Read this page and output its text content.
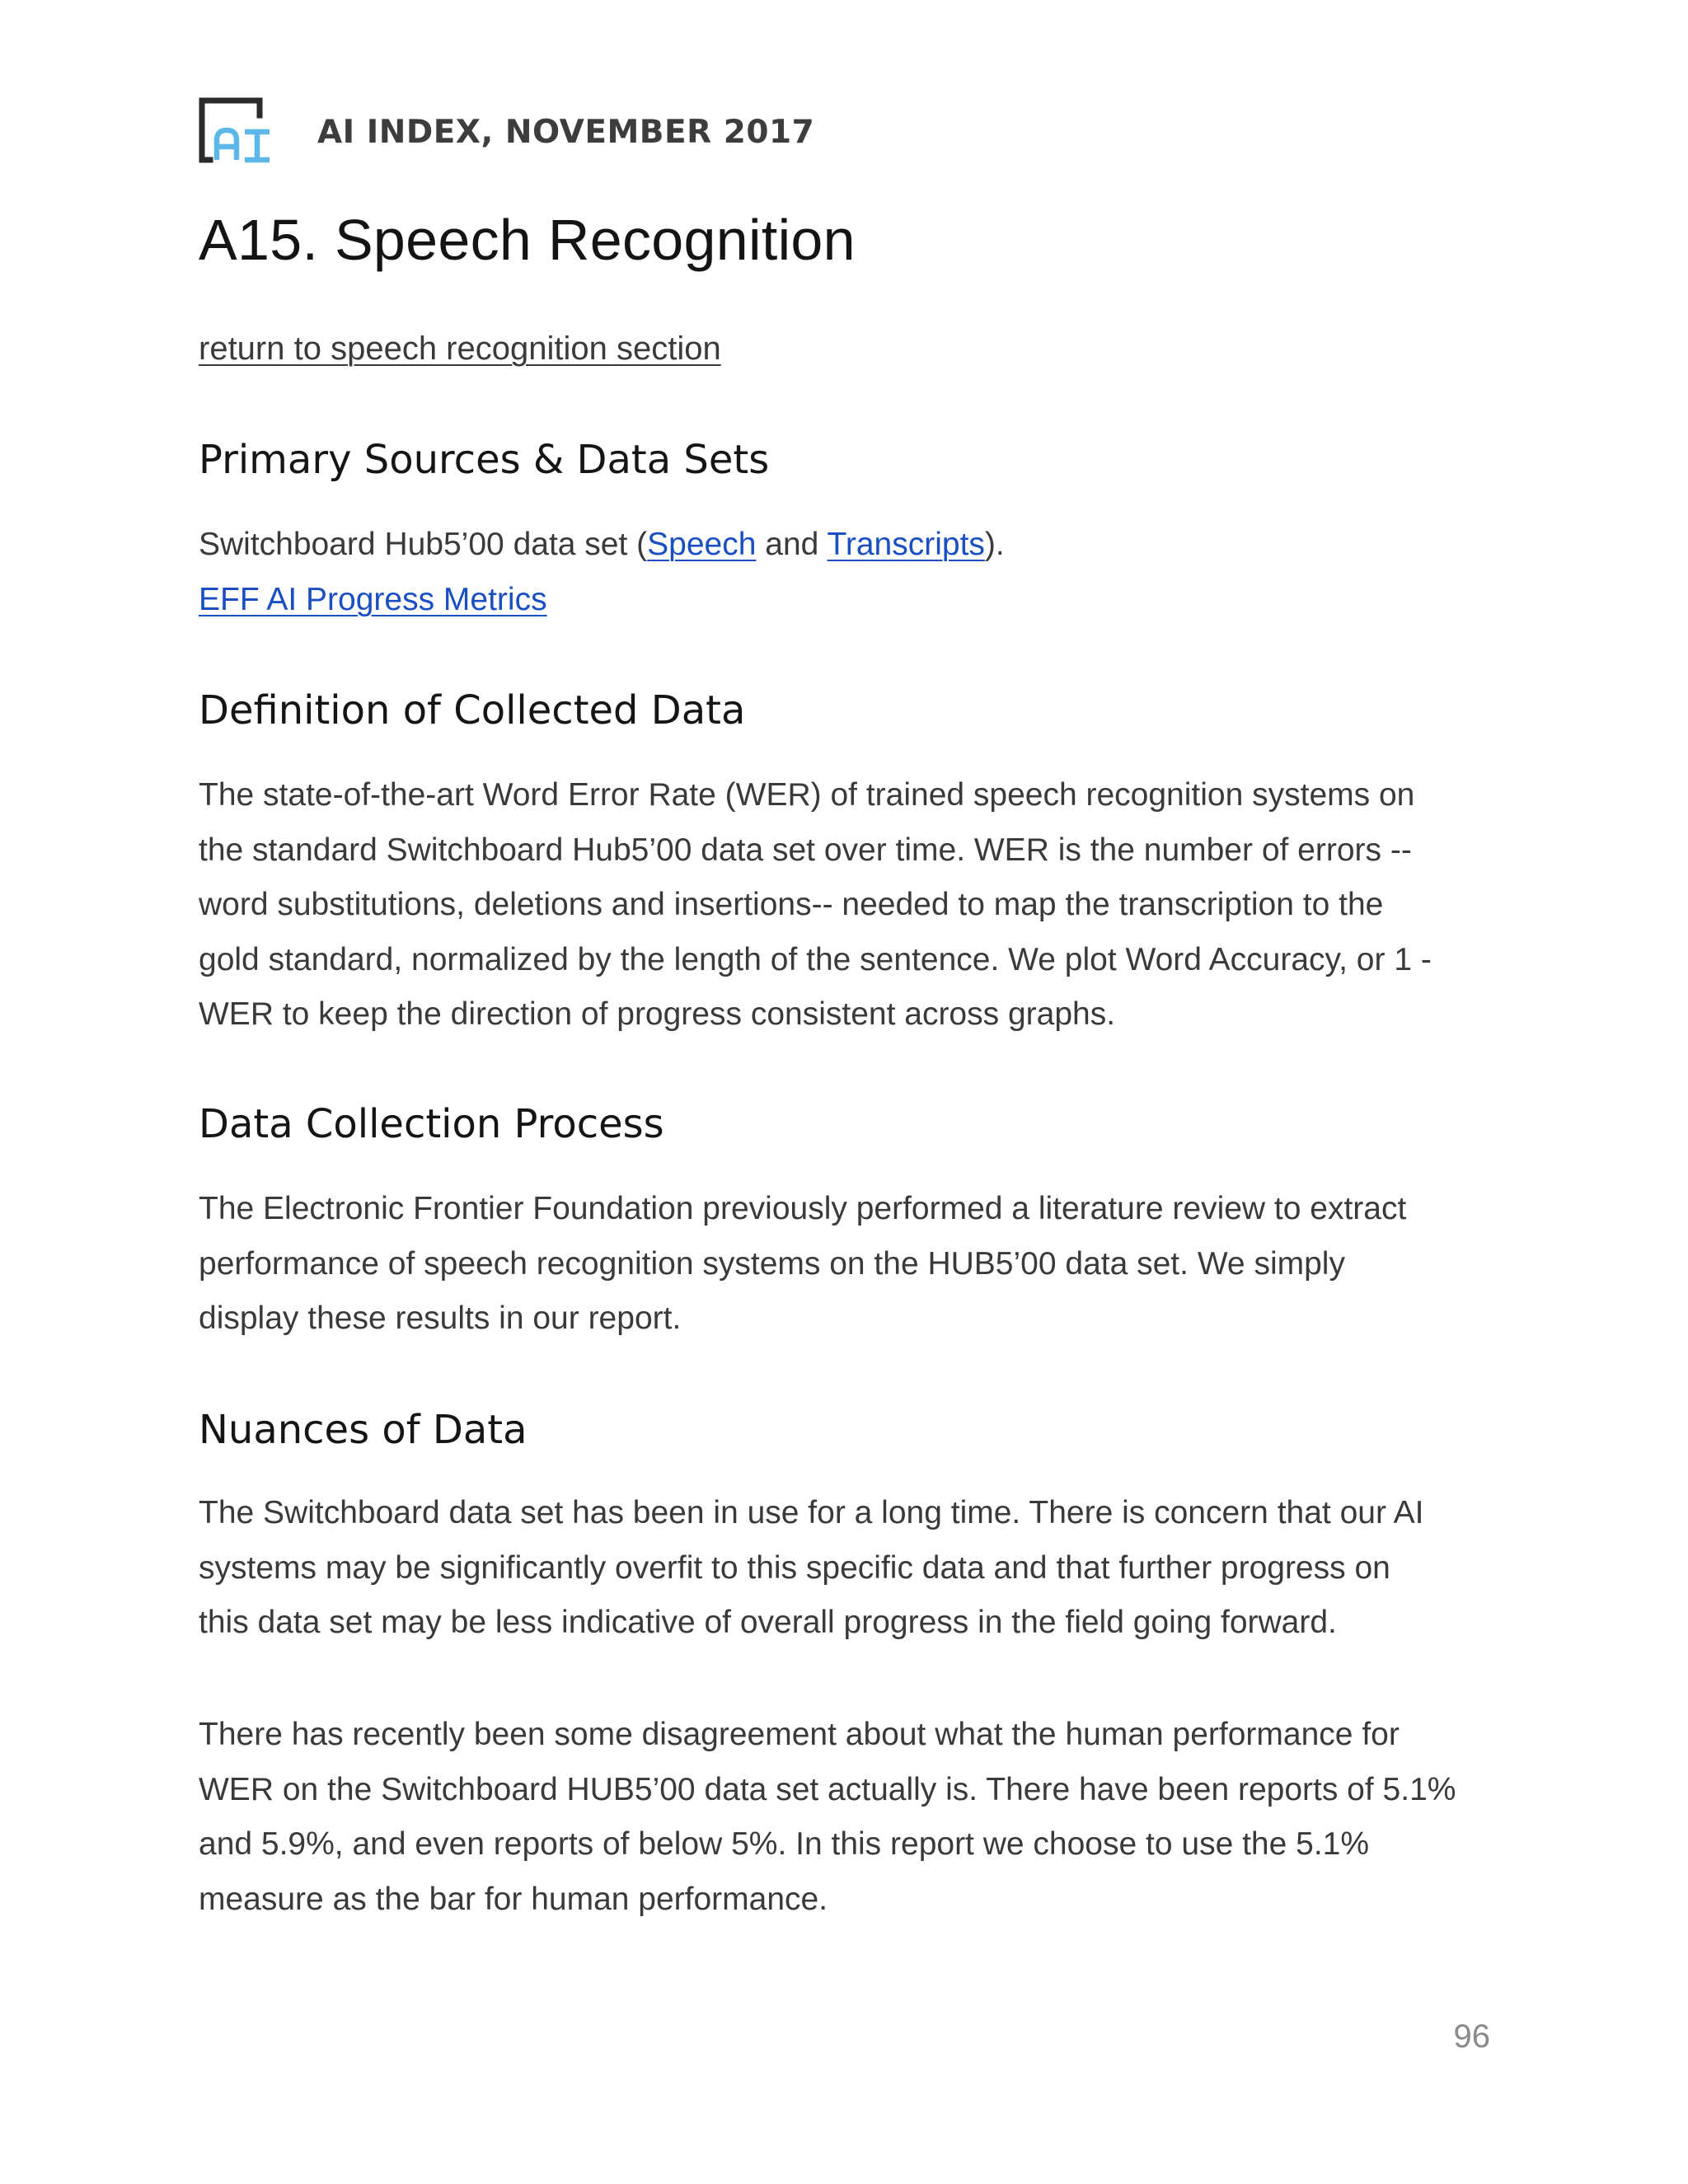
AI INDEX, NOVEMBER 2017
A15. Speech Recognition
return to speech recognition section
Primary Sources & Data Sets
Switchboard Hub5’00 data set (Speech and Transcripts).
EFF AI Progress Metrics
Definition of Collected Data
The state-of-the-art Word Error Rate (WER) of trained speech recognition systems on
the standard Switchboard Hub5’00 data set over time. WER is the number of errors --
word substitutions, deletions and insertions-- needed to map the transcription to the
gold standard, normalized by the length of the sentence. We plot Word Accuracy, or 1 -
WER to keep the direction of progress consistent across graphs.
Data Collection Process
The Electronic Frontier Foundation previously performed a literature review to extract
performance of speech recognition systems on the HUB5’00 data set. We simply
display these results in our report.
Nuances of Data
The Switchboard data set has been in use for a long time. There is concern that our AI
systems may be significantly overfit to this specific data and that further progress on
this data set may be less indicative of overall progress in the field going forward.
There has recently been some disagreement about what the human performance for
WER on the Switchboard HUB5’00 data set actually is. There have been reports of 5.1%
and 5.9%, and even reports of below 5%. In this report we choose to use the 5.1%
measure as the bar for human performance.
96
